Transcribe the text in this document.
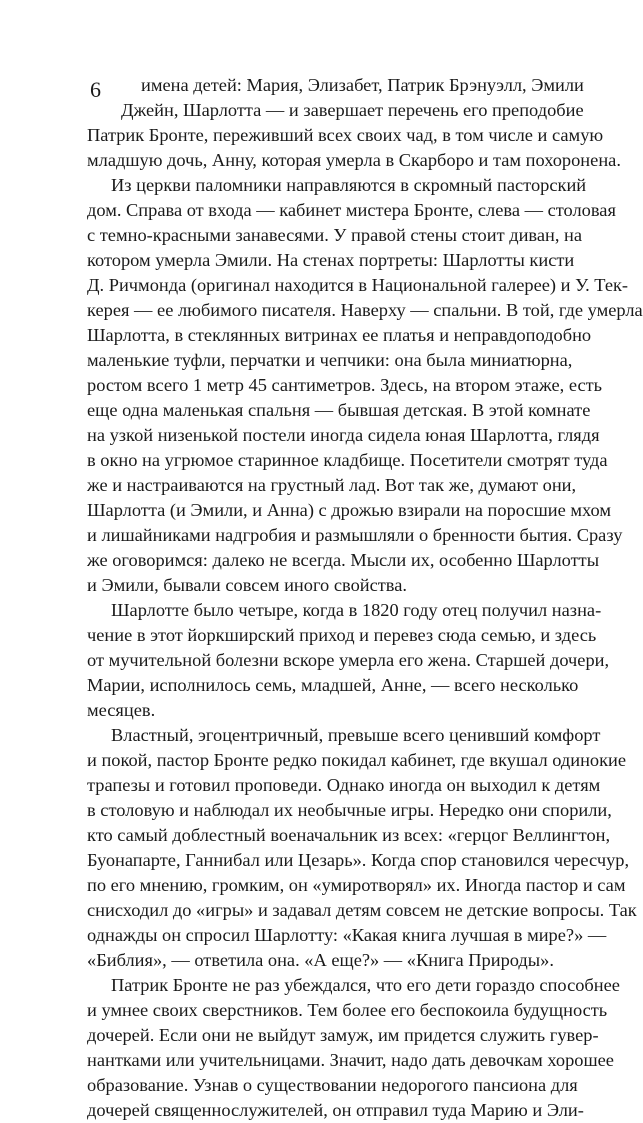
6	имена детей: Мария, Элизабет, Патрик Брэнуэлл, Эмили
Джейн, Шарлотта — и завершает перечень его преподобие
Патрик Бронте, переживший всех своих чад, в том числе и самую
младшую дочь, Анну, которая умерла в Скарборо и там похоронена.
Из церкви паломники направляются в скромный пасторский
дом. Справа от входа — кабинет мистера Бронте, слева — столовая
с темно-красными занавесями. У правой стены стоит диван, на
котором умерла Эмили. На стенах портреты: Шарлотты кисти
Д. Ричмонда (оригинал находится в Национальной галерее) и У. Тек-
керея — ее любимого писателя. Наверху — спальни. В той, где умерла
Шарлотта, в стеклянных витринах ее платья и неправдоподобно
маленькие туфли, перчатки и чепчики: она была миниатюрна,
ростом всего 1 метр 45 сантиметров. Здесь, на втором этаже, есть
еще одна маленькая спальня — бывшая детская. В этой комнате
на узкой низенькой постели иногда сидела юная Шарлотта, глядя
в окно на угрюмое старинное кладбище. Посетители смотрят туда
же и настраиваются на грустный лад. Вот так же, думают они,
Шарлотта (и Эмили, и Анна) с дрожью взирали на поросшие мхом
и лишайниками надгробия и размышляли о бренности бытия. Сразу
же оговоримся: далеко не всегда. Мысли их, особенно Шарлотты
и Эмили, бывали совсем иного свойства.
Шарлотте было четыре, когда в 1820 году отец получил назна-
чение в этот йоркширский приход и перевез сюда семью, и здесь
от мучительной болезни вскоре умерла его жена. Старшей дочери,
Марии, исполнилось семь, младшей, Анне, — всего несколько
месяцев.
Властный, эгоцентричный, превыше всего ценивший комфорт
и покой, пастор Бронте редко покидал кабинет, где вкушал одинокие
трапезы и готовил проповеди. Однако иногда он выходил к детям
в столовую и наблюдал их необычные игры. Нередко они спорили,
кто самый доблестный военачальник из всех: «герцог Веллингтон,
Буонапарте, Ганнибал или Цезарь». Когда спор становился чересчур,
по его мнению, громким, он «умиротворял» их. Иногда пастор и сам
снисходил до «игры» и задавал детям совсем не детские вопросы. Так
однажды он спросил Шарлотту: «Какая книга лучшая в мире?» —
«Библия», — ответила она. «А еще?» — «Книга Природы».
Патрик Бронте не раз убеждался, что его дети гораздо способнее
и умнее своих сверстников. Тем более его беспокоила будущность
дочерей. Если они не выйдут замуж, им придется служить гувер-
нантками или учительницами. Значит, надо дать девочкам хорошее
образование. Узнав о существовании недорогого пансиона для
дочерей священнослужителей, он отправил туда Марию и Эли-
